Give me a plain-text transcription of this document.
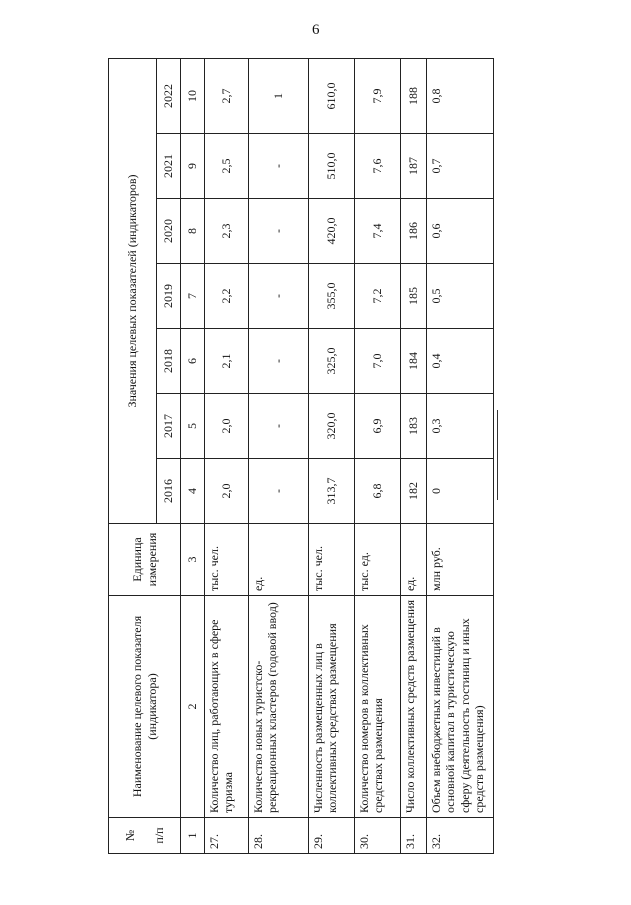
6
№ п/п	Наименование целевого показателя (индикатора)	Единица измерения	Значения целевых показателей (индикаторов)						
			2016	2017	2018	2019	2020	2021	2022
1	2	3	4	5	6	7	8	9	10
27.	Количество лиц, работающих в сфере туризма	тыс. чел.	2,0	2,0	2,1	2,2	2,3	2,5	2,7
28.	Количество новых туристско-рекреационных кластеров (годовой ввод)	ед.	-	-	-	-	-	-	1
29.	Численность размещенных лиц в коллективных средствах размещения	тыс. чел.	313,7	320,0	325,0	355,0	420,0	510,0	610,0
30.	Количество номеров в коллективных средствах размещения	тыс. ед.	6,8	6,9	7,0	7,2	7,4	7,6	7,9
31.	Число коллективных средств размещения	ед.	182	183	184	185	186	187	188
32.	Объем внебюджетных инвестиций в основной капитал в туристическую сферу (деятельность гостиниц и иных средств размещения)	млн руб.	0	0,3	0,4	0,5	0,6	0,7	0,8
